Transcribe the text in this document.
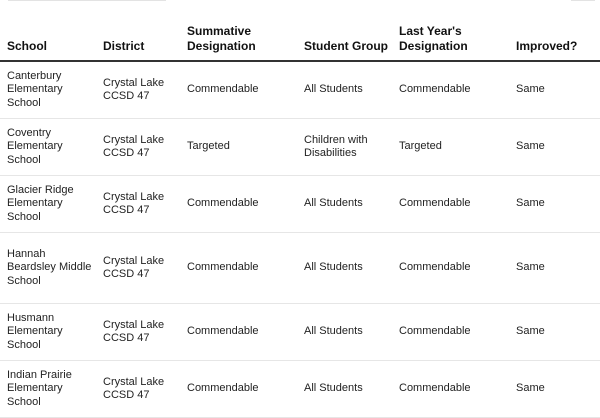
School	District	Summative Designation	Student Group	Last Year's Designation	Improved?
Canterbury Elementary School	Crystal Lake CCSD 47	Commendable	All Students	Commendable	Same
Coventry Elementary School	Crystal Lake CCSD 47	Targeted	Children with Disabilities	Targeted	Same
Glacier Ridge Elementary School	Crystal Lake CCSD 47	Commendable	All Students	Commendable	Same
Hannah Beardsley Middle School	Crystal Lake CCSD 47	Commendable	All Students	Commendable	Same
Husmann Elementary School	Crystal Lake CCSD 47	Commendable	All Students	Commendable	Same
Indian Prairie Elementary School	Crystal Lake CCSD 47	Commendable	All Students	Commendable	Same
